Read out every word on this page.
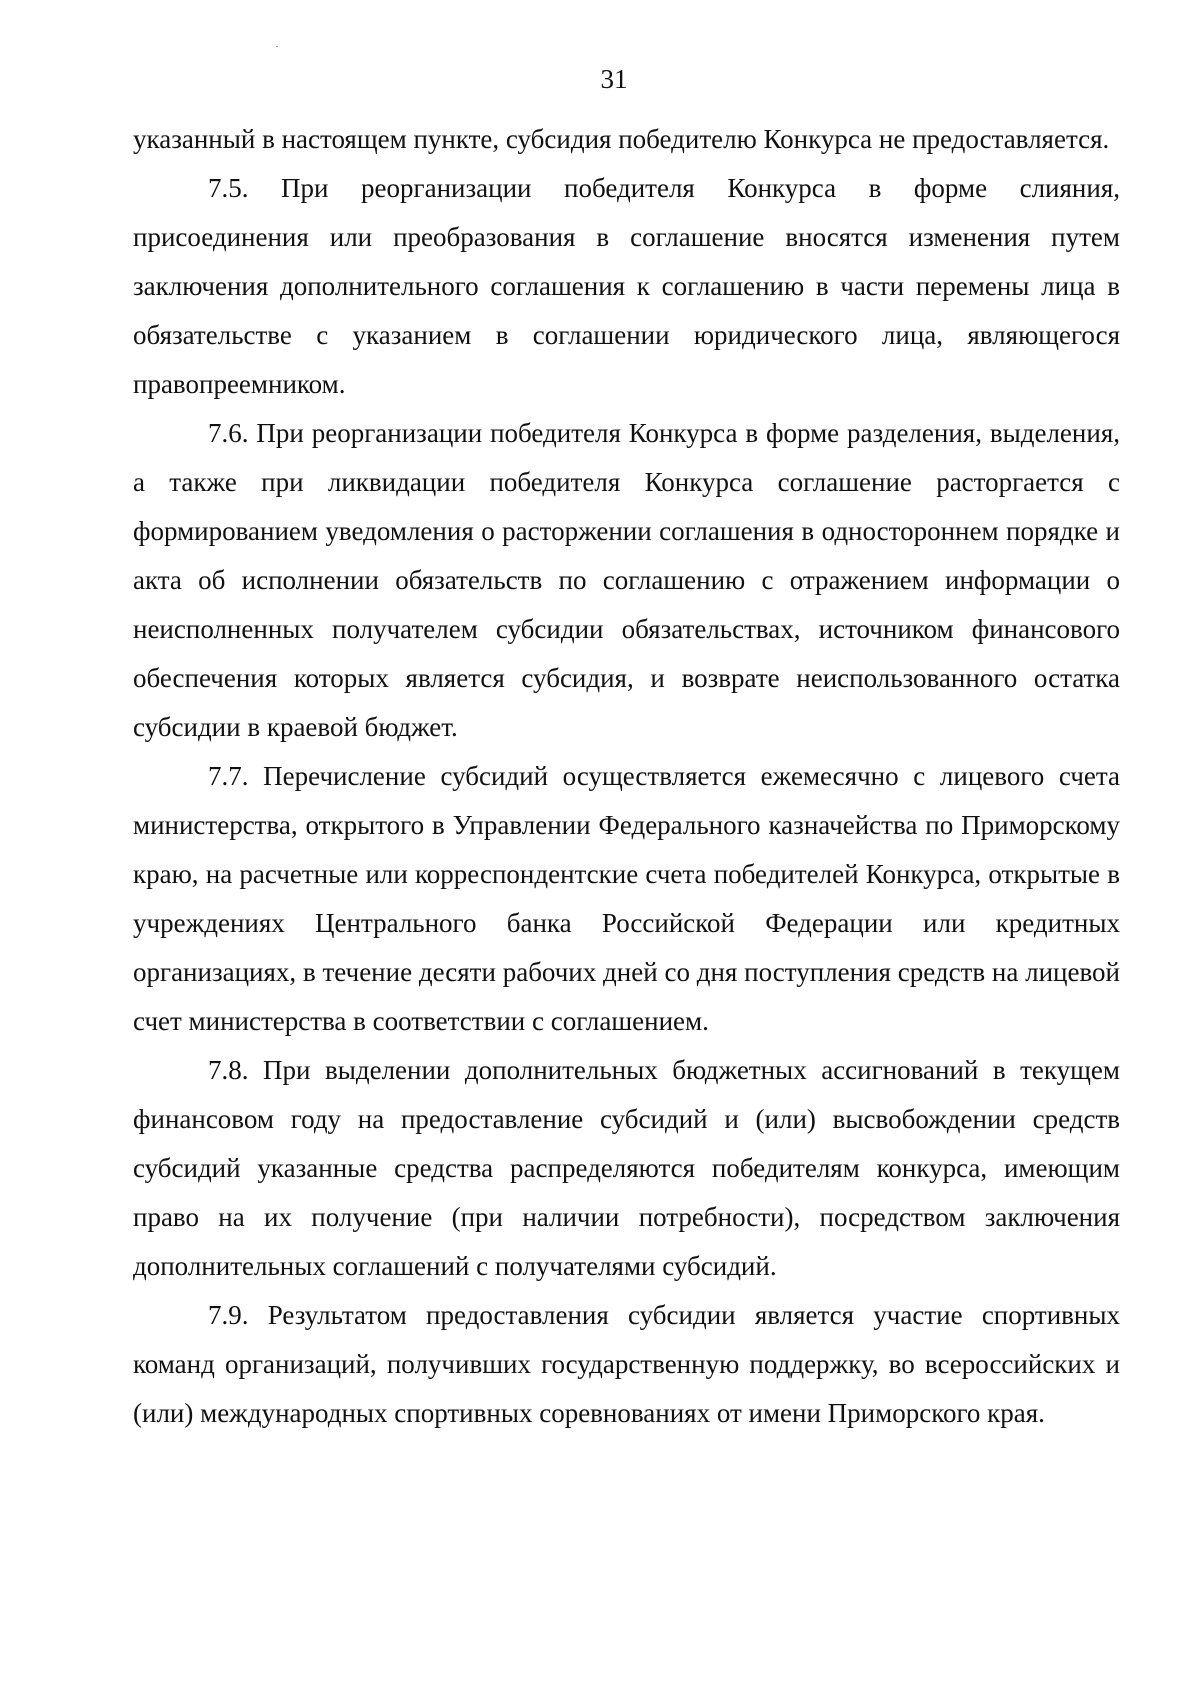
31

указанный в настоящем пункте, субсидия победителю Конкурса не предоставляется.

7.5. При реорганизации победителя Конкурса в форме слияния, присоединения или преобразования в соглашение вносятся изменения путем заключения дополнительного соглашения к соглашению в части перемены лица в обязательстве с указанием в соглашении юридического лица, являющегося правопреемником.

7.6. При реорганизации победителя Конкурса в форме разделения, выделения, а также при ликвидации победителя Конкурса соглашение расторгается с формированием уведомления о расторжении соглашения в одностороннем порядке и акта об исполнении обязательств по соглашению с отражением информации о неисполненных получателем субсидии обязательствах, источником финансового обеспечения которых является субсидия, и возврате неиспользованного остатка субсидии в краевой бюджет.

7.7. Перечисление субсидий осуществляется ежемесячно с лицевого счета министерства, открытого в Управлении Федерального казначейства по Приморскому краю, на расчетные или корреспондентские счета победителей Конкурса, открытые в учреждениях Центрального банка Российской Федерации или кредитных организациях, в течение десяти рабочих дней со дня поступления средств на лицевой счет министерства в соответствии с соглашением.

7.8. При выделении дополнительных бюджетных ассигнований в текущем финансовом году на предоставление субсидий и (или) высвобождении средств субсидий указанные средства распределяются победителям конкурса, имеющим право на их получение (при наличии потребности), посредством заключения дополнительных соглашений с получателями субсидий.

7.9. Результатом предоставления субсидии является участие спортивных команд организаций, получивших государственную поддержку, во всероссийских и (или) международных спортивных соревнованиях от имени Приморского края.
